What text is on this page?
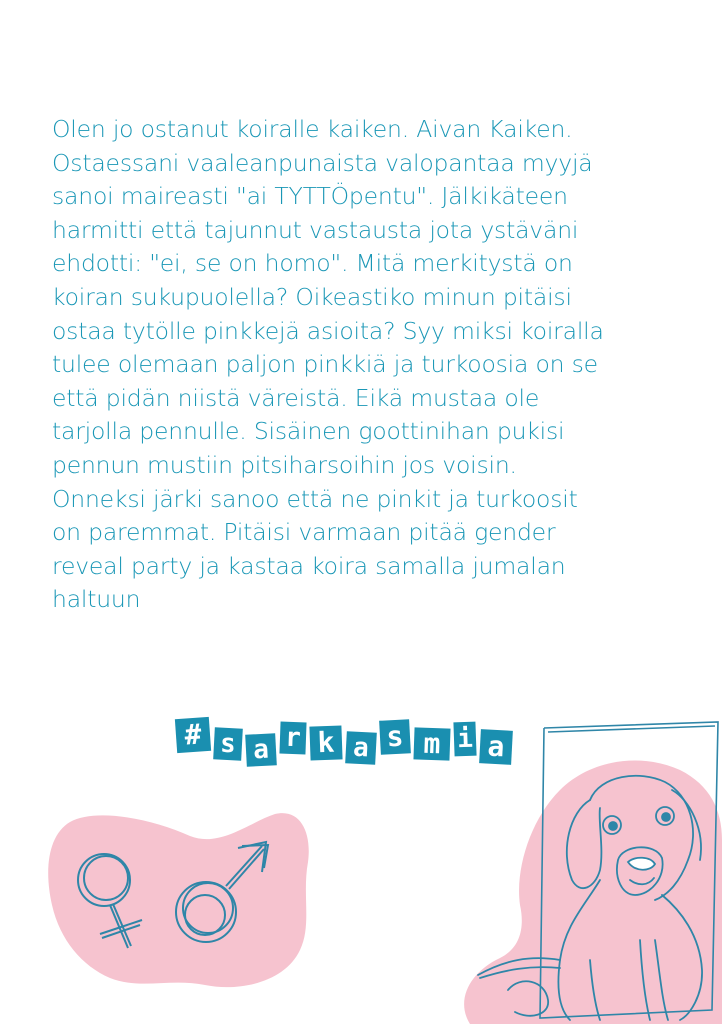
Olen jo ostanut koiralle kaiken. Aivan Kaiken.
Ostaessani vaaleanpunaista valopantaa myyjä
sanoi maireasti "ai TYTTÖpentu". Jälkikäteen
harmitti että tajunnut vastausta jota ystäväni
ehdotti: "ei, se on homo". Mitä merkitystä on
koiran sukupuolella? Oikeastiko minun pitäisi
ostaa tytölle pinkkejä asioita? Syy miksi koiralla
tulee olemaan paljon pinkkiä ja turkoosia on se
että pidän niistä väreistä. Eikä mustaa ole
tarjolla pennulle. Sisäinen goottinihan pukisi
pennun mustiin pitsiharsoihin jos voisin.
Onneksi järki sanoo että ne pinkit ja turkoosit
on paremmat. Pitäisi varmaan pitää gender
reveal party ja kastaa koira samalla jumalan
haltuun
# s a r k a s m i a
